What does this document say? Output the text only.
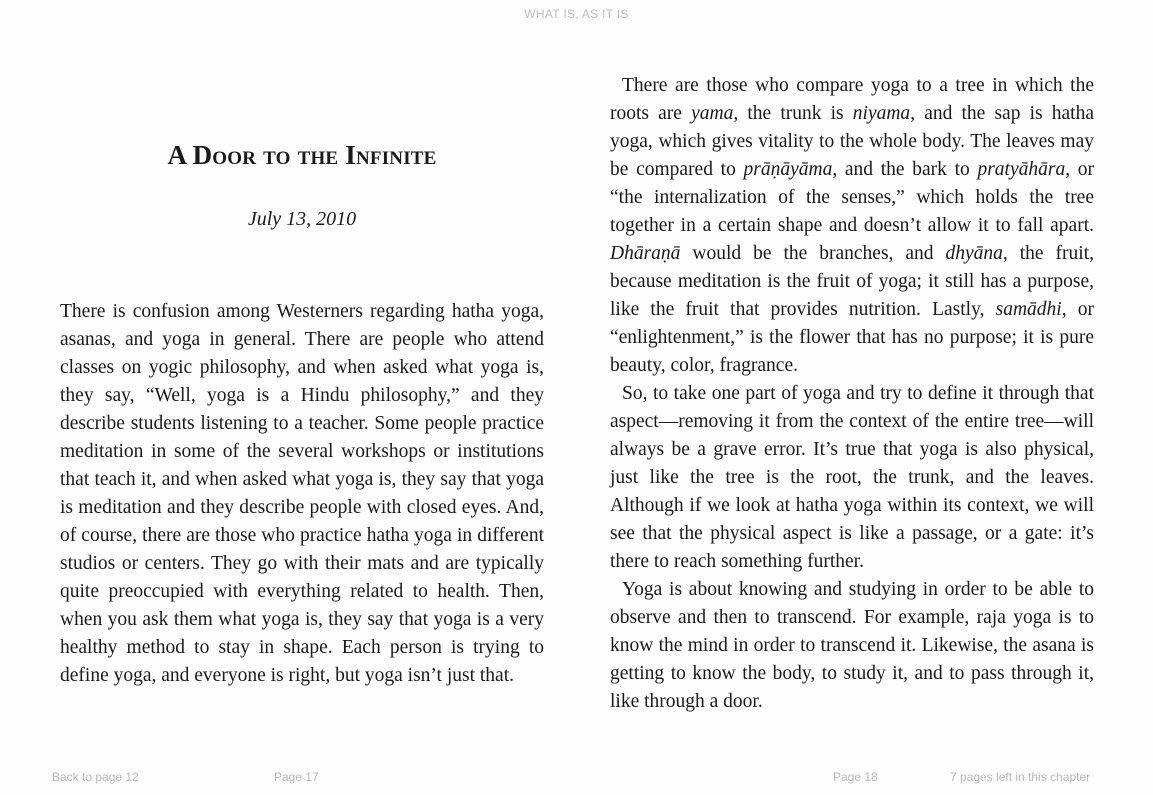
WHAT IS, AS IT IS
A Door to the Infinite

July 13, 2010

There is confusion among Westerners regarding hatha yoga, asanas, and yoga in general. There are people who attend classes on yogic philosophy, and when asked what yoga is, they say, “Well, yoga is a Hindu philosophy,” and they describe students listening to a teacher. Some people practice meditation in some of the several workshops or institutions that teach it, and when asked what yoga is, they say that yoga is meditation and they describe people with closed eyes. And, of course, there are those who practice hatha yoga in different studios or centers. They go with their mats and are typically quite preoccupied with everything related to health. Then, when you ask them what yoga is, they say that yoga is a very healthy method to stay in shape. Each person is trying to define yoga, and everyone is right, but yoga isn’t just that.

There are those who compare yoga to a tree in which the roots are yama, the trunk is niyama, and the sap is hatha yoga, which gives vitality to the whole body. The leaves may be compared to prāṇāyāma, and the bark to pratyāhāra, or “the internalization of the senses,” which holds the tree together in a certain shape and doesn’t allow it to fall apart. Dhāraṇā would be the branches, and dhyāna, the fruit, because meditation is the fruit of yoga; it still has a purpose, like the fruit that provides nutrition. Lastly, samādhi, or “enlightenment,” is the flower that has no purpose; it is pure beauty, color, fragrance.

So, to take one part of yoga and try to define it through that aspect—removing it from the context of the entire tree—will always be a grave error. It’s true that yoga is also physical, just like the tree is the root, the trunk, and the leaves. Although if we look at hatha yoga within its context, we will see that the physical aspect is like a passage, or a gate: it’s there to reach something further.

Yoga is about knowing and studying in order to be able to observe and then to transcend. For example, raja yoga is to know the mind in order to transcend it. Likewise, the asana is getting to know the body, to study it, and to pass through it, like through a door.

Back to page 12	Page 17	Page 18	7 pages left in this chapter
